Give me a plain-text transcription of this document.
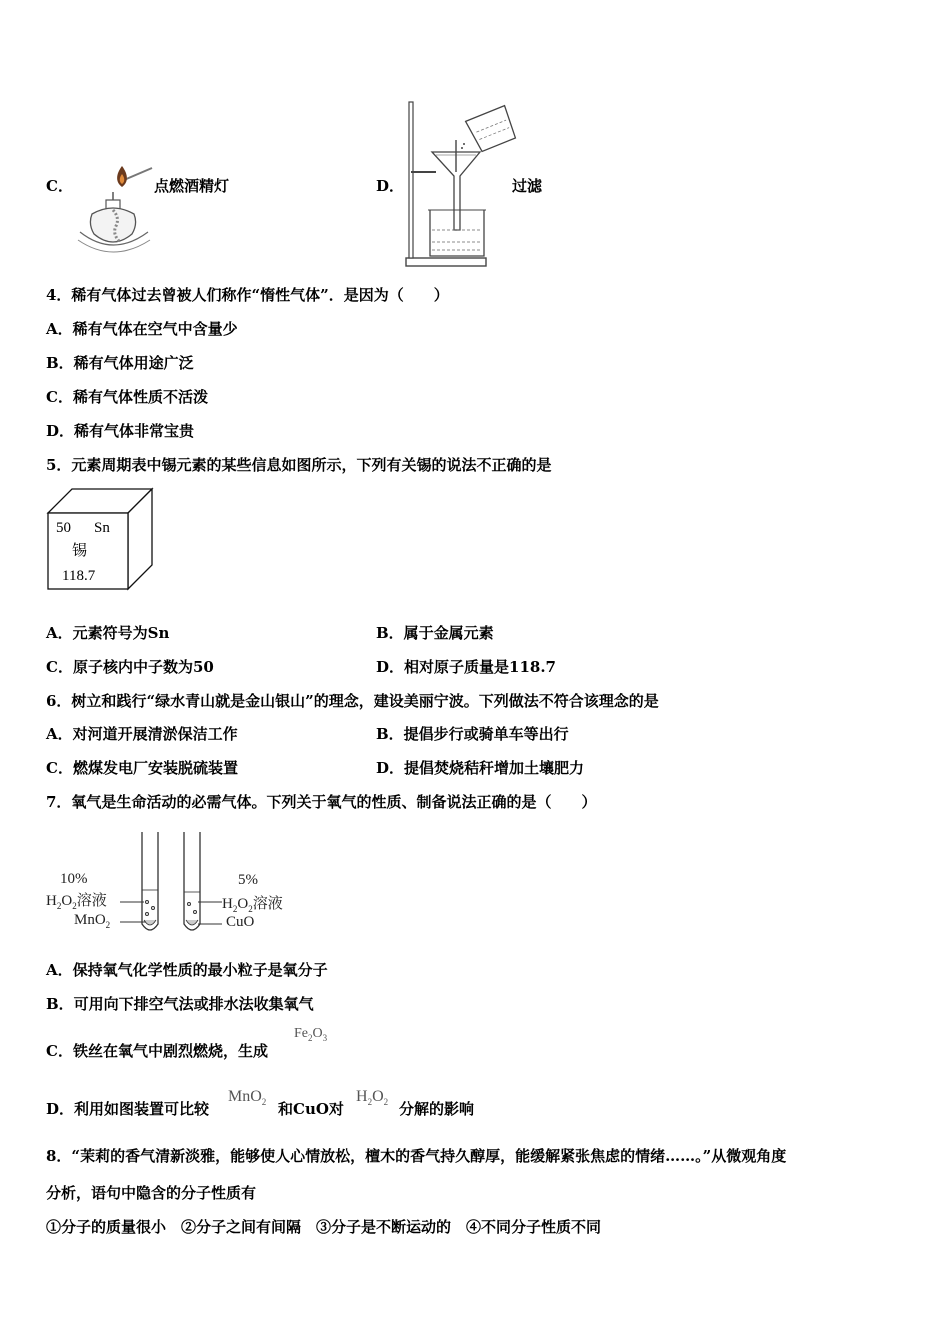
C．	点燃酒精灯	D．	过滤
4．稀有气体过去曾被人们称作“惰性气体”．是因为（　　）
A．稀有气体在空气中含量少
B．稀有气体用途广泛
C．稀有气体性质不活泼
D．稀有气体非常宝贵
5．元素周期表中锡元素的某些信息如图所示，下列有关锡的说法不正确的是
50 Sn
锡
118.7
A．元素符号为Sn	B．属于金属元素
C．原子核内中子数为50	D．相对原子质量是118.7
6．树立和践行“绿水青山就是金山银山”的理念，建设美丽宁波。下列做法不符合该理念的是
A．对河道开展清淤保洁工作	B．提倡步行或骑单车等出行
C．燃煤发电厂安装脱硫装置	D．提倡焚烧秸秆增加土壤肥力
7．氧气是生命活动的必需气体。下列关于氧气的性质、制备说法正确的是（　　）
10%
$H_2O_2$溶液
MnO$_2$
5%
$H_2O_2$溶液
CuO
A．保持氧气化学性质的最小粒子是氧分子
B．可用向下排空气法或排水法收集氧气
C．铁丝在氧气中剧烈燃烧，生成
$Fe_2O_3$
D．利用如图装置可比较
MnO$_2$ 和CuO对
$H_2O_2$ 分解的影响
8．“茉莉的香气清新淡雅，能够使人心情放松，檀木的香气持久醇厚，能缓解紧张焦虑的情绪……。”从微观角度
分析，语句中隐含的分子性质有
①分子的质量很小　②分子之间有间隔　③分子是不断运动的　④不同分子性质不同
